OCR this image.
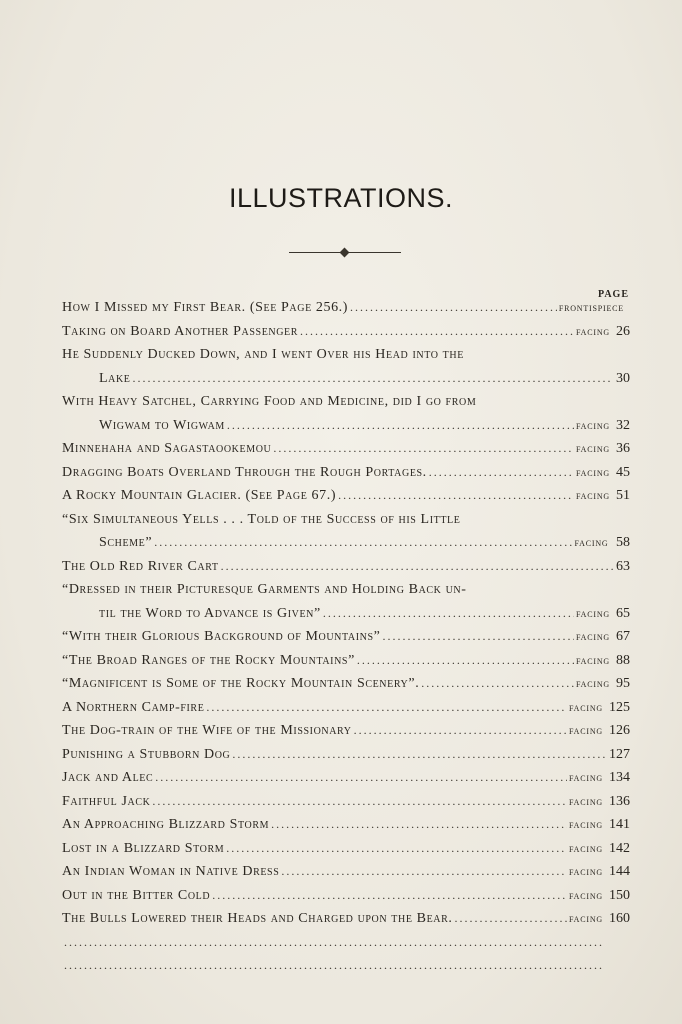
ILLUSTRATIONS.
PAGE
How I Missed my First Bear. (See Page 256.) .....	frontispiece
Taking on Board Another Passenger .....	facing 26
He Suddenly Ducked Down, and I went Over his Head into the
Lake .....	30
With Heavy Satchel, Carrying Food and Medicine, did I go from
Wigwam to Wigwam .....	facing 32
Minnehaha and Sagastaookemou .....	facing 36
Dragging Boats Overland Through the Rough Portages. .....	facing 45
A Rocky Mountain Glacier. (See Page 67.) .....	facing 51
“Six Simultaneous Yells . . . Told of the Success of his Little
Scheme” .....	facing 58
The Old Red River Cart .....	63
“Dressed in their Picturesque Garments and Holding Back un-
til the Word to Advance is Given” .....	facing 65
“With their Glorious Background of Mountains” .....	facing 67
“The Broad Ranges of the Rocky Mountains” .....	facing 88
“Magnificent is Some of the Rocky Mountain Scenery”. .....	facing 95
A Northern Camp-fire .....	facing 125
The Dog-train of the Wife of the Missionary .....	facing 126
Punishing a Stubborn Dog .....	127
Jack and Alec .....	facing 134
Faithful Jack .....	facing 136
An Approaching Blizzard Storm .....	facing 141
Lost in a Blizzard Storm .....	facing 142
An Indian Woman in Native Dress .....	facing 144
Out in the Bitter Cold .....	facing 150
The Bulls Lowered their Heads and Charged upon the Bear. .....	facing 160
.....
.....
